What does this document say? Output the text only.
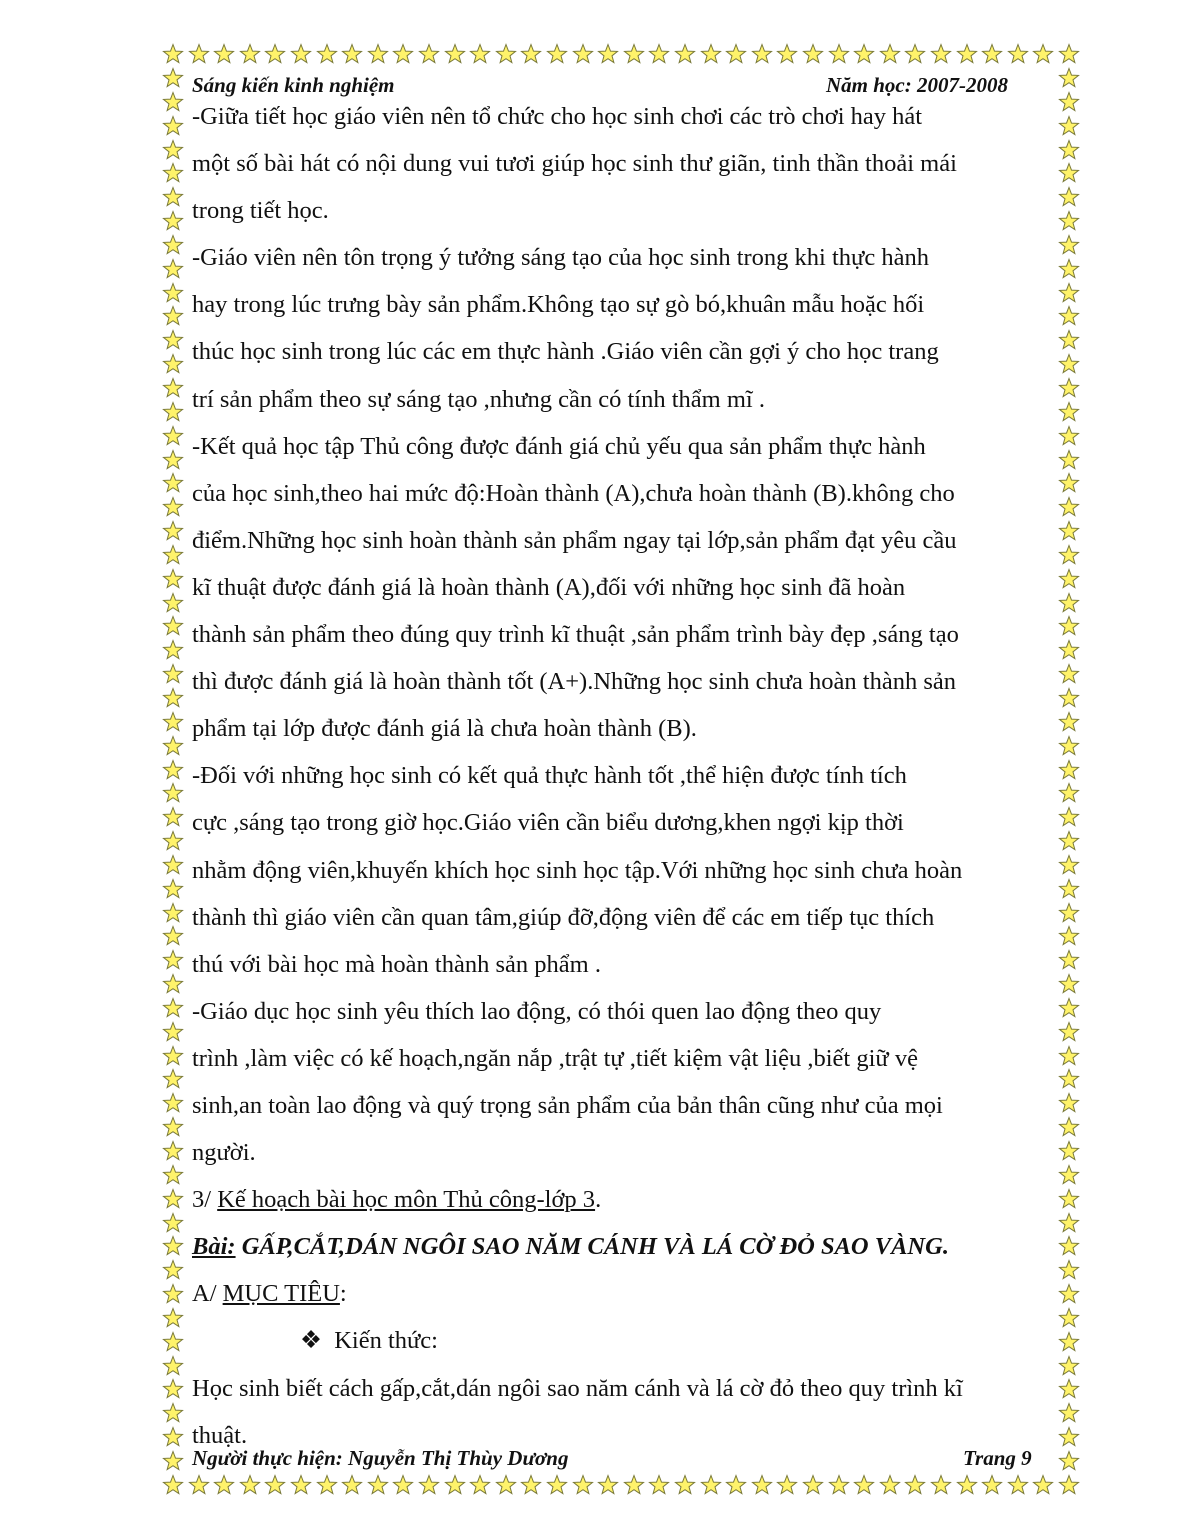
Sáng kiến kinh nghiệm	Năm học: 2007-2008
-Giữa tiết học giáo viên nên tổ chức cho học sinh chơi các trò chơi hay hát
một số bài hát có nội dung vui tươi giúp học sinh thư giãn, tinh thần thoải mái
trong tiết học.
-Giáo viên nên tôn trọng ý tưởng sáng tạo của học sinh trong khi thực hành
hay trong lúc trưng bày sản phẩm.Không tạo sự gò bó,khuân mẫu hoặc hối
thúc học sinh trong lúc các em thực hành .Giáo viên cần gợi ý cho học trang
trí sản phẩm theo sự sáng tạo ,nhưng cần có tính thẩm mĩ .
-Kết quả học tập Thủ công được đánh giá chủ yếu qua sản phẩm thực hành
của học sinh,theo hai mức độ:Hoàn thành (A),chưa hoàn thành (B).không cho
điểm.Những học sinh hoàn thành sản phẩm ngay tại lớp,sản phẩm đạt yêu cầu
kĩ thuật được đánh giá là hoàn thành (A),đối với những học sinh đã hoàn
thành sản phẩm theo đúng quy trình kĩ thuật ,sản phẩm trình bày đẹp ,sáng tạo
thì được đánh giá là hoàn thành tốt (A+).Những học sinh chưa hoàn thành sản
phẩm tại lớp được đánh giá là chưa hoàn thành (B).
-Đối với những học sinh có kết quả thực hành tốt ,thể hiện được tính tích
cực ,sáng tạo trong giờ học.Giáo viên cần biểu dương,khen ngợi kịp thời
nhằm động viên,khuyến khích học sinh học tập.Với những học sinh chưa hoàn
thành thì giáo viên cần quan tâm,giúp đỡ,động viên để các em tiếp tục thích
thú với bài học mà hoàn thành sản phẩm .
-Giáo dục học sinh yêu thích lao động, có thói quen lao động theo quy
trình ,làm việc có kế hoạch,ngăn nắp ,trật tự ,tiết kiệm vật liệu ,biết giữ vệ
sinh,an toàn lao động và quý trọng sản phẩm của bản thân cũng như của mọi
người.
3/ Kế hoạch bài học môn Thủ công-lớp 3.
Bài: GẤP,CẮT,DÁN NGÔI SAO NĂM CÁNH VÀ LÁ CỜ ĐỎ SAO VÀNG.
A/ MỤC TIÊU:
❖ Kiến thức:
Học sinh biết cách gấp,cắt,dán ngôi sao năm cánh và lá cờ đỏ theo quy trình kĩ
thuật.
Người thực hiện: Nguyễn Thị Thùy Dương	Trang 9
